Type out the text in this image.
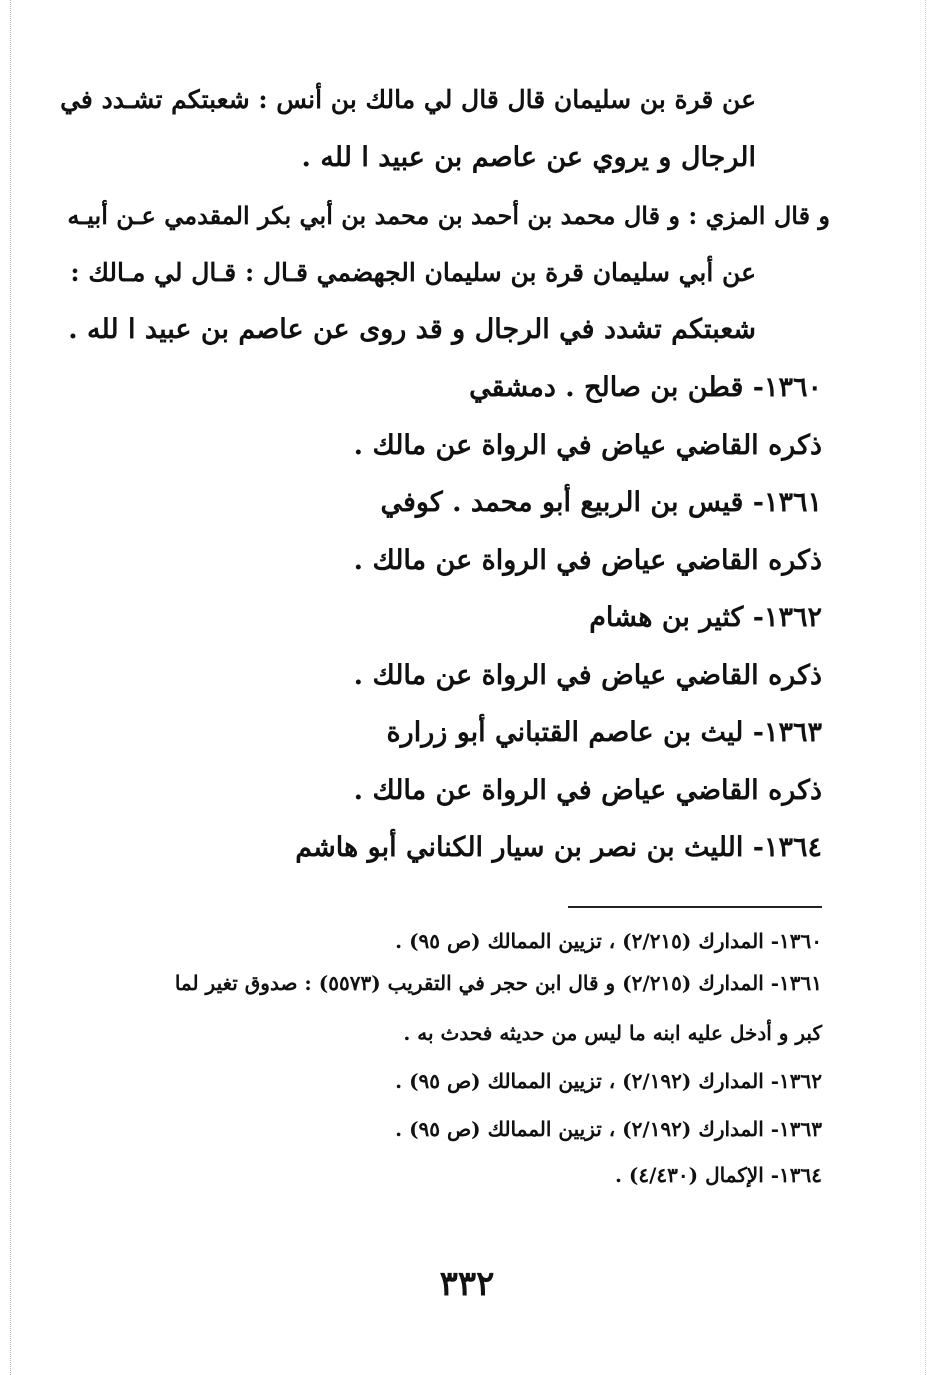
عن قرة بن سليمان قال قال لي مالك بن أنس : شعبتكم تشـدد في
الرجال و يروي عن عاصم بن عبيد ا لله .
و قال المزي : و قال محمد بن أحمد بن محمد بن أبي بكر المقدمي عـن أبيـه
عن أبي سليمان قرة بن سليمان الجهضمي قـال : قـال لي مـالك :
شعبتكم تشدد في الرجال و قد روى عن عاصم بن عبيد ا لله .
١٣٦٠- قطن بن صالح . دمشقي
ذكره القاضي عياض في الرواة عن مالك .
١٣٦١- قيس بن الربيع أبو محمد . كوفي
ذكره القاضي عياض في الرواة عن مالك .
١٣٦٢- كثير بن هشام
ذكره القاضي عياض في الرواة عن مالك .
١٣٦٣- ليث بن عاصم القتباني أبو زرارة
ذكره القاضي عياض في الرواة عن مالك .
١٣٦٤- الليث بن نصر بن سيار الكناني أبو هاشم
١٣٦٠- المدارك (٢/٢١٥) ، تزيين الممالك (ص ٩٥) .
١٣٦١- المدارك (٢/٢١٥) و قال ابن حجر في التقريب (٥٥٧٣) : صدوق تغير لما
كبر و أدخل عليه ابنه ما ليس من حديثه فحدث به .
١٣٦٢- المدارك (٢/١٩٢) ، تزيين الممالك (ص ٩٥) .
١٣٦٣- المدارك (٢/١٩٢) ، تزيين الممالك (ص ٩٥) .
١٣٦٤- الإكمال (٤/٤٣٠) .
٣٣٢
